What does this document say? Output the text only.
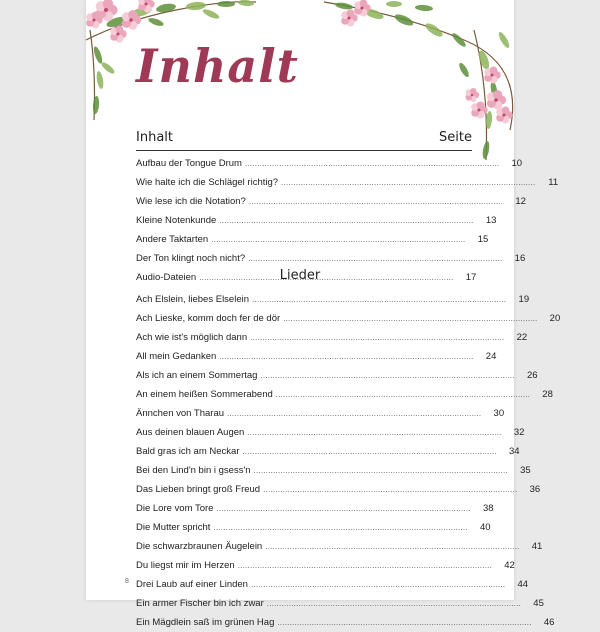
Inhalt
Inhalt	Seite
Aufbau der Tongue Drum . . .	10
Wie halte ich die Schlägel richtig? . . .	11
Wie lese ich die Notation? . . .	12
Kleine Notenkunde . . .	13
Andere Taktarten . . .	15
Der Ton klingt noch nicht? . . .	16
Audio-Dateien . . .	17
Lieder
Ach Elslein, liebes Elselein . . .	19
Ach Lieske, komm doch fer de dör . . .	20
Ach wie ist's möglich dann . . .	22
All mein Gedanken . . .	24
Als ich an einem Sommertag . . .	26
An einem heißen Sommerabend . . .	28
Ännchen von Tharau . . .	30
Aus deinen blauen Augen . . .	32
Bald gras ich am Neckar . . .	34
Bei den Lind'n bin i gsess'n . . .	35
Das Lieben bringt groß Freud . . .	36
Die Lore vom Tore . . .	38
Die Mutter spricht . . .	40
Die schwarzbraunen Äugelein . . .	41
Du liegst mir im Herzen . . .	42
Drei Laub auf einer Linden . . .	44
Ein armer Fischer bin ich zwar . . .	45
Ein Mägdlein saß im grünen Hag . . .	46
8
